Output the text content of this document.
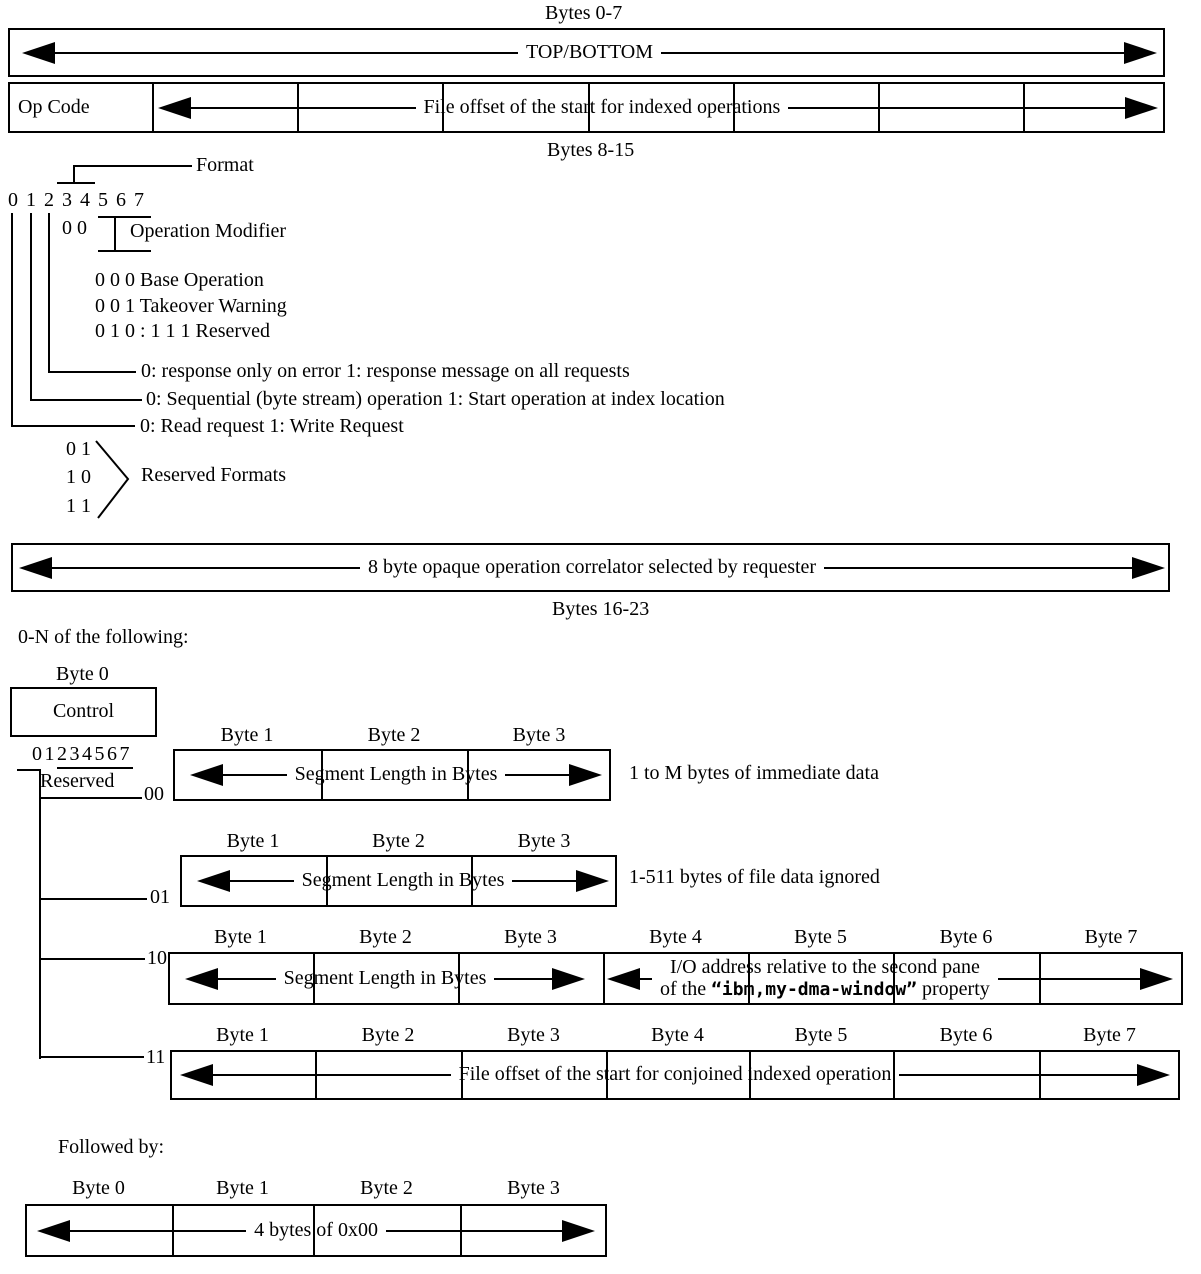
Bytes 0-7
TOP/BOTTOM
Op Code	File offset of the start for indexed operations
Bytes 8-15
Format
0 1 2 3 4 5 6 7
0 0 Operation Modifier
0 0 0 Base Operation
0 0 1 Takeover Warning
0 1 0 : 1 1 1 Reserved
0: response only on error 1: response message on all requests
0: Sequential (byte stream) operation 1: Start operation at index location
0: Read request 1: Write Request
0 1
1 0
1 1
Reserved Formats
8 byte opaque operation correlator selected by requester
Bytes 16-23
0-N of the following:
Byte 0
Control
01234567
Reserved
00
01
10
11
Byte 1	Byte 2	Byte 3
Segment Length in Bytes	1 to M bytes of immediate data
Byte 1	Byte 2	Byte 3
Segment Length in Bytes	1-511 bytes of file data ignored
Byte 1	Byte 2	Byte 3	Byte 4	Byte 5	Byte 6	Byte 7
Segment Length in Bytes	I/O address relative to the second pane
of the “ibm,my-dma-window” property
Byte 1	Byte 2	Byte 3	Byte 4	Byte 5	Byte 6	Byte 7
File offset of the start for conjoined indexed operation
Followed by:
Byte 0	Byte 1	Byte 2	Byte 3
4 bytes of 0x00
